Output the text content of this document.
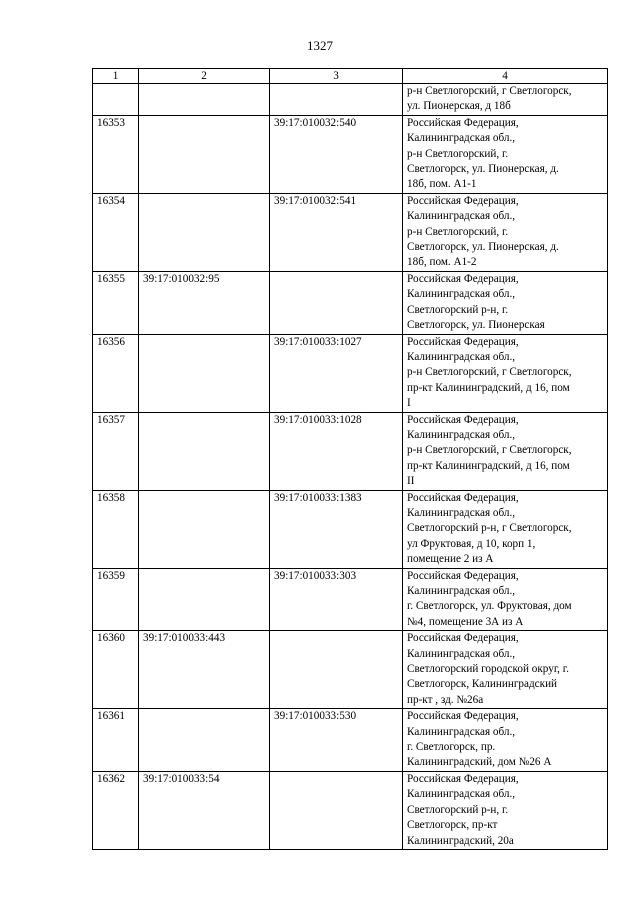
1327
1	2	3	4
			р-н Светлогорский, г Светлогорск,
ул. Пионерская, д 18б
16353		39:17:010032:540	Российская Федерация,
Калининградская обл.,
р-н Светлогорский, г.
Светлогорск, ул. Пионерская, д.
18б, пом. А1-1
16354		39:17:010032:541	Российская Федерация,
Калининградская обл.,
р-н Светлогорский, г.
Светлогорск, ул. Пионерская, д.
18б, пом. А1-2
16355	39:17:010032:95		Российская Федерация,
Калининградская обл.,
Светлогорский р-н, г.
Светлогорск, ул. Пионерская
16356		39:17:010033:1027	Российская Федерация,
Калининградская обл.,
р-н Светлогорский, г Светлогорск,
пр-кт Калининградский, д 16, пом
I
16357		39:17:010033:1028	Российская Федерация,
Калининградская обл.,
р-н Светлогорский, г Светлогорск,
пр-кт Калининградский, д 16, пом
II
16358		39:17:010033:1383	Российская Федерация,
Калининградская обл.,
Светлогорский р-н, г Светлогорск,
ул Фруктовая, д 10, корп 1,
помещение 2 из А
16359		39:17:010033:303	Российская Федерация,
Калининградская обл.,
г. Светлогорск, ул. Фруктовая, дом
№4, помещение 3А из А
16360	39:17:010033:443		Российская Федерация,
Калининградская обл.,
Светлогорский городской округ, г.
Светлогорск, Калининградский
пр-кт , зд. №26а
16361		39:17:010033:530	Российская Федерация,
Калининградская обл.,
г. Светлогорск, пр.
Калининградский, дом №26 А
16362	39:17:010033:54		Российская Федерация,
Калининградская обл.,
Светлогорский р-н, г.
Светлогорск, пр-кт
Калининградский, 20а
